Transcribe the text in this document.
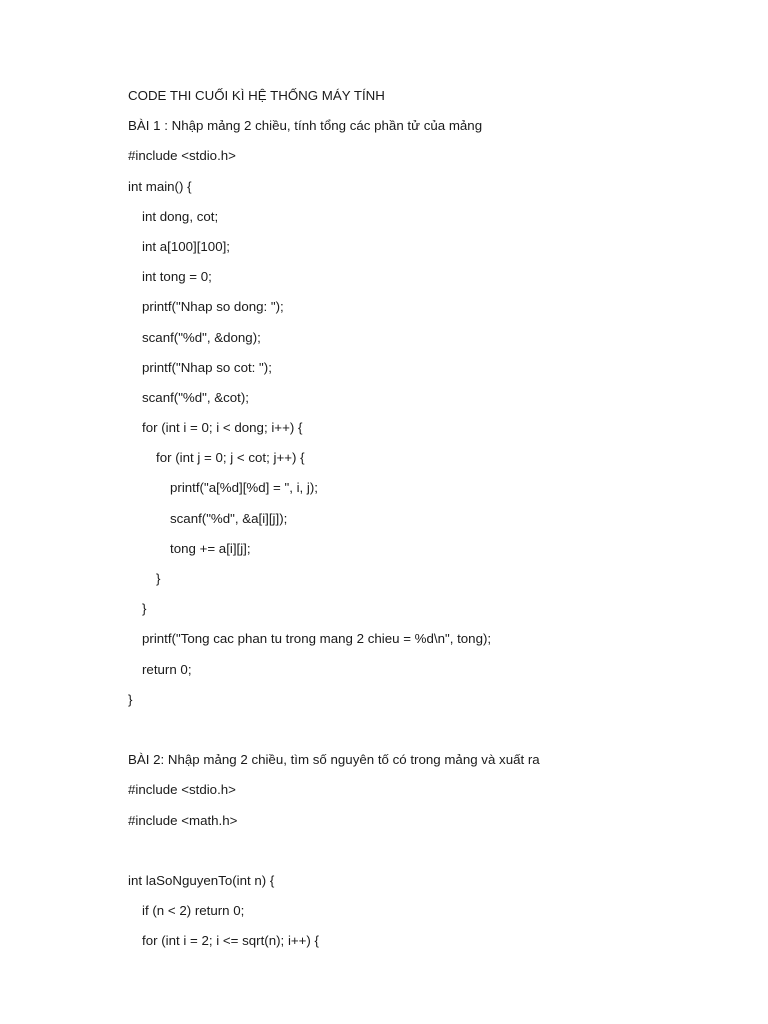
CODE THI CUỐI KÌ HỆ THỐNG MÁY TÍNH
BÀI 1 : Nhập mảng 2 chiều, tính tổng các phần tử của mảng
#include <stdio.h>
int main() {
int dong, cot;
int a[100][100];
int tong = 0;
printf("Nhap so dong: ");
scanf("%d", &dong);
printf("Nhap so cot: ");
scanf("%d", &cot);
for (int i = 0; i < dong; i++) {
for (int j = 0; j < cot; j++) {
printf("a[%d][%d] = ", i, j);
scanf("%d", &a[i][j]);
tong += a[i][j];
}
}
printf("Tong cac phan tu trong mang 2 chieu = %d\n", tong);
return 0;
}
BÀI 2: Nhập mảng 2 chiều, tìm số nguyên tố có trong mảng và xuất ra
#include <stdio.h>
#include <math.h>
int laSoNguyenTo(int n) {
if (n < 2) return 0;
for (int i = 2; i <= sqrt(n); i++) {
